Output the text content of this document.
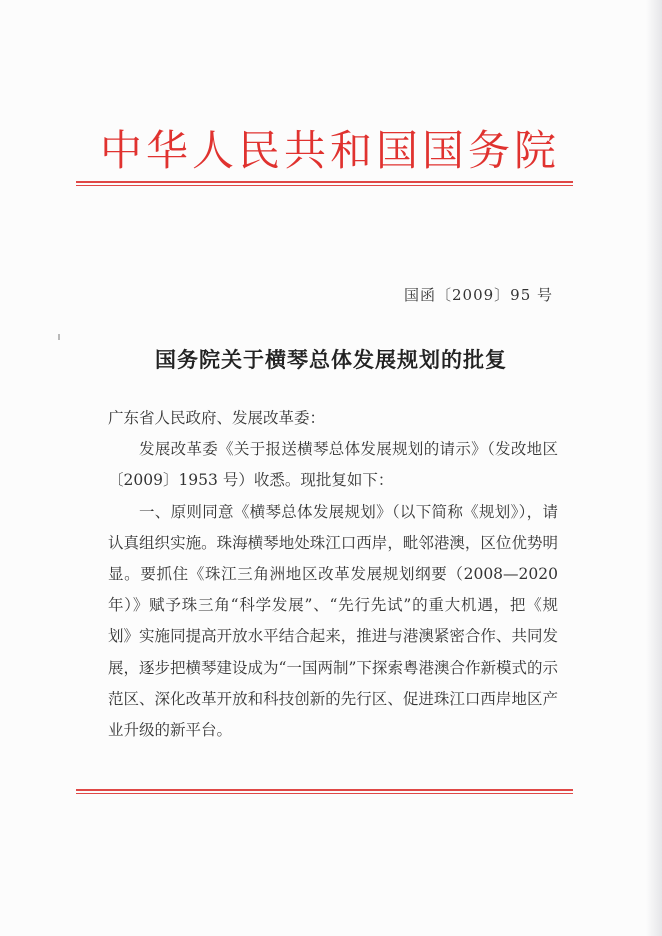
中华人民共和国国务院
国函〔2009〕95 号
国务院关于横琴总体发展规划的批复

广东省人民政府、发展改革委：

发展改革委《关于报送横琴总体发展规划的请示》（发改地区〔2009〕1953 号）收悉。现批复如下：

一、原则同意《横琴总体发展规划》（以下简称《规划》），请认真组织实施。珠海横琴地处珠江口西岸，毗邻港澳，区位优势明显。要抓住《珠江三角洲地区改革发展规划纲要（2008—2020 年）》赋予珠三角“科学发展”、“先行先试”的重大机遇，把《规划》实施同提高开放水平结合起来，推进与港澳紧密合作、共同发展，逐步把横琴建设成为“一国两制”下探索粤港澳合作新模式的示范区、深化改革开放和科技创新的先行区、促进珠江口西岸地区产业升级的新平台。
